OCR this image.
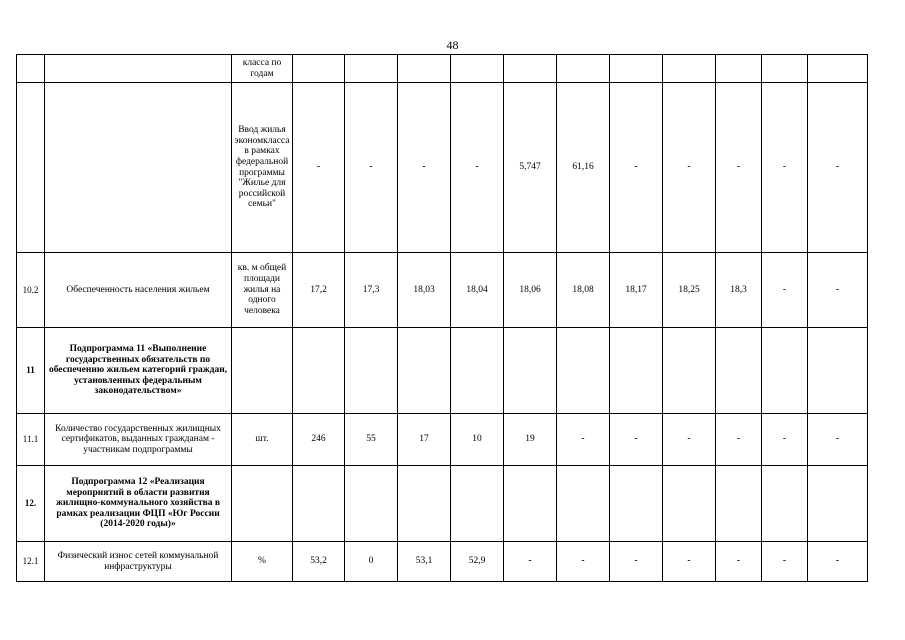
48
		класса по годам											
		Ввод жилья экономкласса в рамках федеральной программы "Жилье для российской семьи"	-	-	-	-	5,747	61,16	-	-	-	-	-
10.2	Обеспеченность населения жильем	кв. м общей площади жилья на одного человека	17,2	17,3	18,03	18,04	18,06	18,08	18,17	18,25	18,3	-	-
11	Подпрограмма 11 «Выполнение государственных обязательств по обеспечению жильем категорий граждан, установленных федеральным законодательством»												
11.1	Количество государственных жилищных сертификатов, выданных гражданам - участникам подпрограммы	шт.	246	55	17	10	19	-	-	-	-	-	-
12.	Подпрограмма 12 «Реализация мероприятий в области развития жилищно-коммунального хозяйства в рамках реализации ФЦП «Юг России (2014-2020 годы)»												
12.1	Физический износ сетей коммунальной инфраструктуры	%	53,2	0	53,1	52,9	-	-	-	-	-	-	-
